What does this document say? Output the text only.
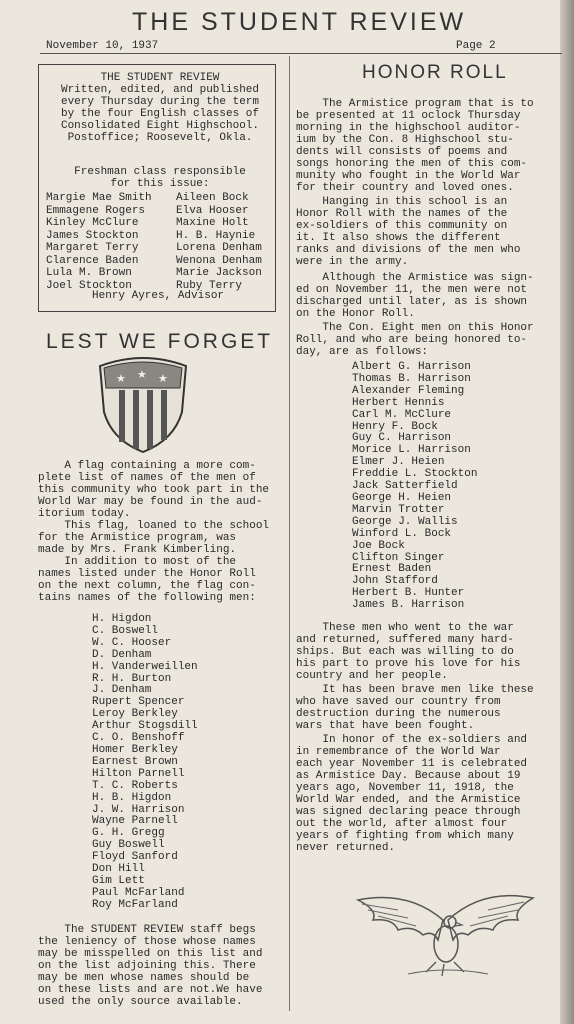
THE STUDENT REVIEW
November 10, 1937	Page 2
THE STUDENT REVIEW
Written, edited, and published
every Thursday during the term
by the four English classes of
Consolidated Eight Highschool.
Postoffice; Roosevelt, Okla.
Freshman class responsible
for this issue:
Margie Mae Smith	Aileen Bock
Emmagene Rogers	Elva Hooser
Kinley McClure	Maxine Holt
James Stockton	H. B. Haynie
Margaret Terry	Lorena Denham
Clarence Baden	Wenona Denham
Lula M. Brown	Marie Jackson
Joel Stockton	Ruby Terry
Henry Ayres, Advisor
LEST WE FORGET
★ ★ ★
A flag containing a more com-
plete list of names of the men of
this community who took part in the
World War may be found in the aud-
itorium today.
This flag, loaned to the school
for the Armistice program, was
made by Mrs. Frank Kimberling.
In addition to most of the
names listed under the Honor Roll
on the next column, the flag con-
tains names of the following men:
H. Higdon
C. Boswell
W. C. Hooser
D. Denham
H. Vanderweillen
R. H. Burton
J. Denham
Rupert Spencer
Leroy Berkley
Arthur Stogsdill
C. O. Benshoff
Homer Berkley
Earnest Brown
Hilton Parnell
T. C. Roberts
H. B. Higdon
J. W. Harrison
Wayne Parnell
G. H. Gregg
Guy Boswell
Floyd Sanford
Don Hill
Gim Lett
Paul McFarland
Roy McFarland
The STUDENT REVIEW staff begs
the leniency of those whose names
may be misspelled on this list and
on the list adjoining this. There
may be men whose names should be
on these lists and are not.We have
used the only source available.
HONOR ROLL
The Armistice program that is to
be presented at 11 oclock Thursday
morning in the highschool auditor-
ium by the Con. 8 Highschool stu-
dents will consists of poems and
songs honoring the men of this com-
munity who fought in the World War
for their country and loved ones.
Hanging in this school is an
Honor Roll with the names of the
ex-soldiers of this community on
it. It also shows the different
ranks and divisions of the men who
were in the army.
Although the Armistice was sign-
ed on November 11, the men were not
discharged until later, as is shown
on the Honor Roll.
The Con. Eight men on this Honor
Roll, and who are being honored to-
day, are as follows:
Albert G. Harrison
Thomas B. Harrison
Alexander Fleming
Herbert Hennis
Carl M. McClure
Henry F. Bock
Guy C. Harrison
Morice L. Harrison
Elmer J. Heien
Freddie L. Stockton
Jack Satterfield
George H. Heien
Marvin Trotter
George J. Wallis
Winford L. Bock
Joe Bock
Clifton Singer
Ernest Baden
John Stafford
Herbert B. Hunter
James B. Harrison
These men who went to the war
and returned, suffered many hard-
ships. But each was willing to do
his part to prove his love for his
country and her people.
It has been brave men like these
who have saved our country from
destruction during the numerous
wars that have been fought.
In honor of the ex-soldiers and
in remembrance of the World War
each year November 11 is celebrated
as Armistice Day. Because about 19
years ago, November 11, 1918, the
World War ended, and the Armistice
was signed declaring peace through
out the world, after almost four
years of fighting from which many
never returned.
